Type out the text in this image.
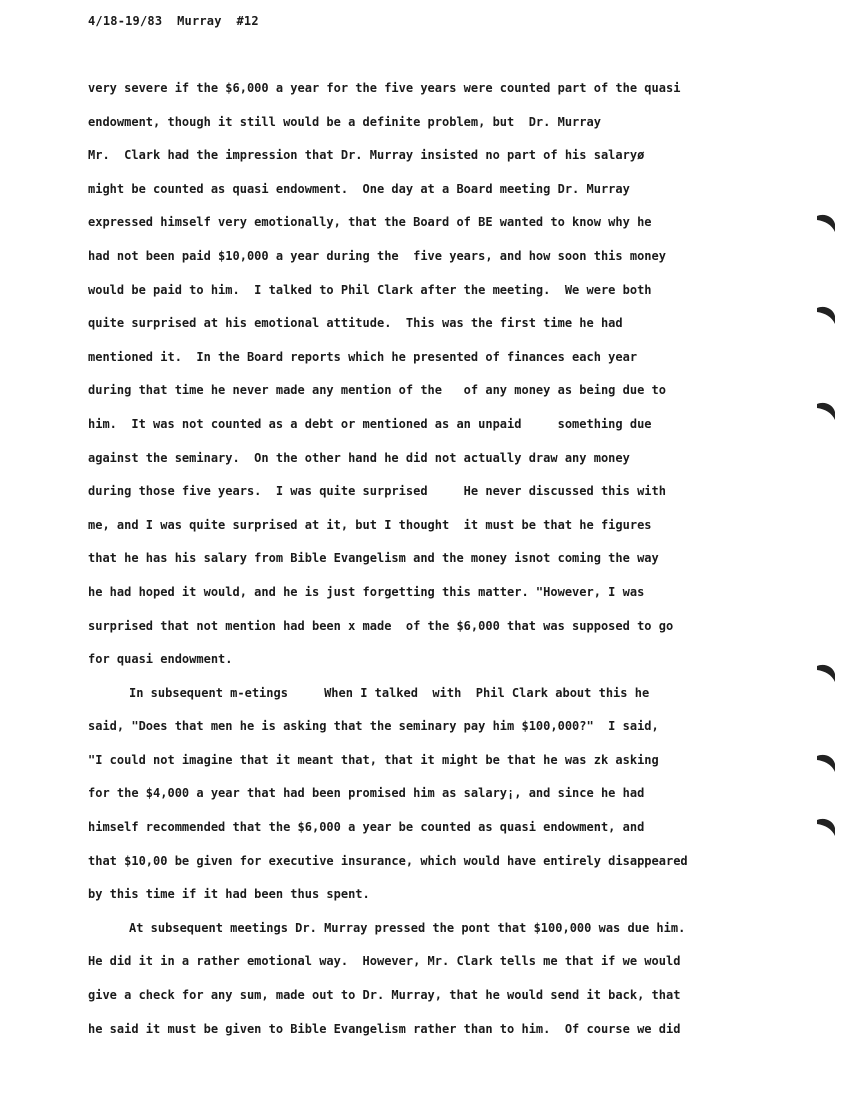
4/18-19/83  Murray  #12
very severe if the $6,000 a year for the five years were counted part of the quasi
endowment, though it still would be a definite problem, but  Dr. Murray
Mr.  Clark had the impression that Dr. Murray insisted no part of his salaryø
might be counted as quasi endowment.  One day at a Board meeting Dr. Murray
expressed himself very emotionally, that the Board of BE wanted to know why he
had not been paid $10,000 a year during the  five years, and how soon this money
would be paid to him.  I talked to Phil Clark after the meeting.  We were both
quite surprised at his emotional attitude.  This was the first time he had
mentioned it.  In the Board reports which he presented of finances each year
during that time he never made any mention of the   of any money as being due to
him.  It was not counted as a debt or mentioned as an unpaid     something due
against the seminary.  On the other hand he did not actually draw any money
during those five years.  I was quite surprised     He never discussed this with
me, and I was quite surprised at it, but I thought  it must be that he figures
that he has his salary from Bible Evangelism and the money isnot coming the way
he had hoped it would, and he is just forgetting this matter. "However, I was
surprised that not mention had been x made  of the $6,000 that was supposed to go
for quasi endowment.
In subsequent m-etings     When I talked  with  Phil Clark about this he
said, "Does that men he is asking that the seminary pay him $100,000?"  I said,
"I could not imagine that it meant that, that it might be that he was zk asking
for the $4,000 a year that had been promised him as salary¡, and since he had
himself recommended that the $6,000 a year be counted as quasi endowment, and
that $10,00 be given for executive insurance, which would have entirely disappeared
by this time if it had been thus spent.
At subsequent meetings Dr. Murray pressed the pont that $100,000 was due him.
He did it in a rather emotional way.  However, Mr. Clark tells me that if we would
give a check for any sum, made out to Dr. Murray, that he would send it back, that
he said it must be given to Bible Evangelism rather than to him.  Of course we did
